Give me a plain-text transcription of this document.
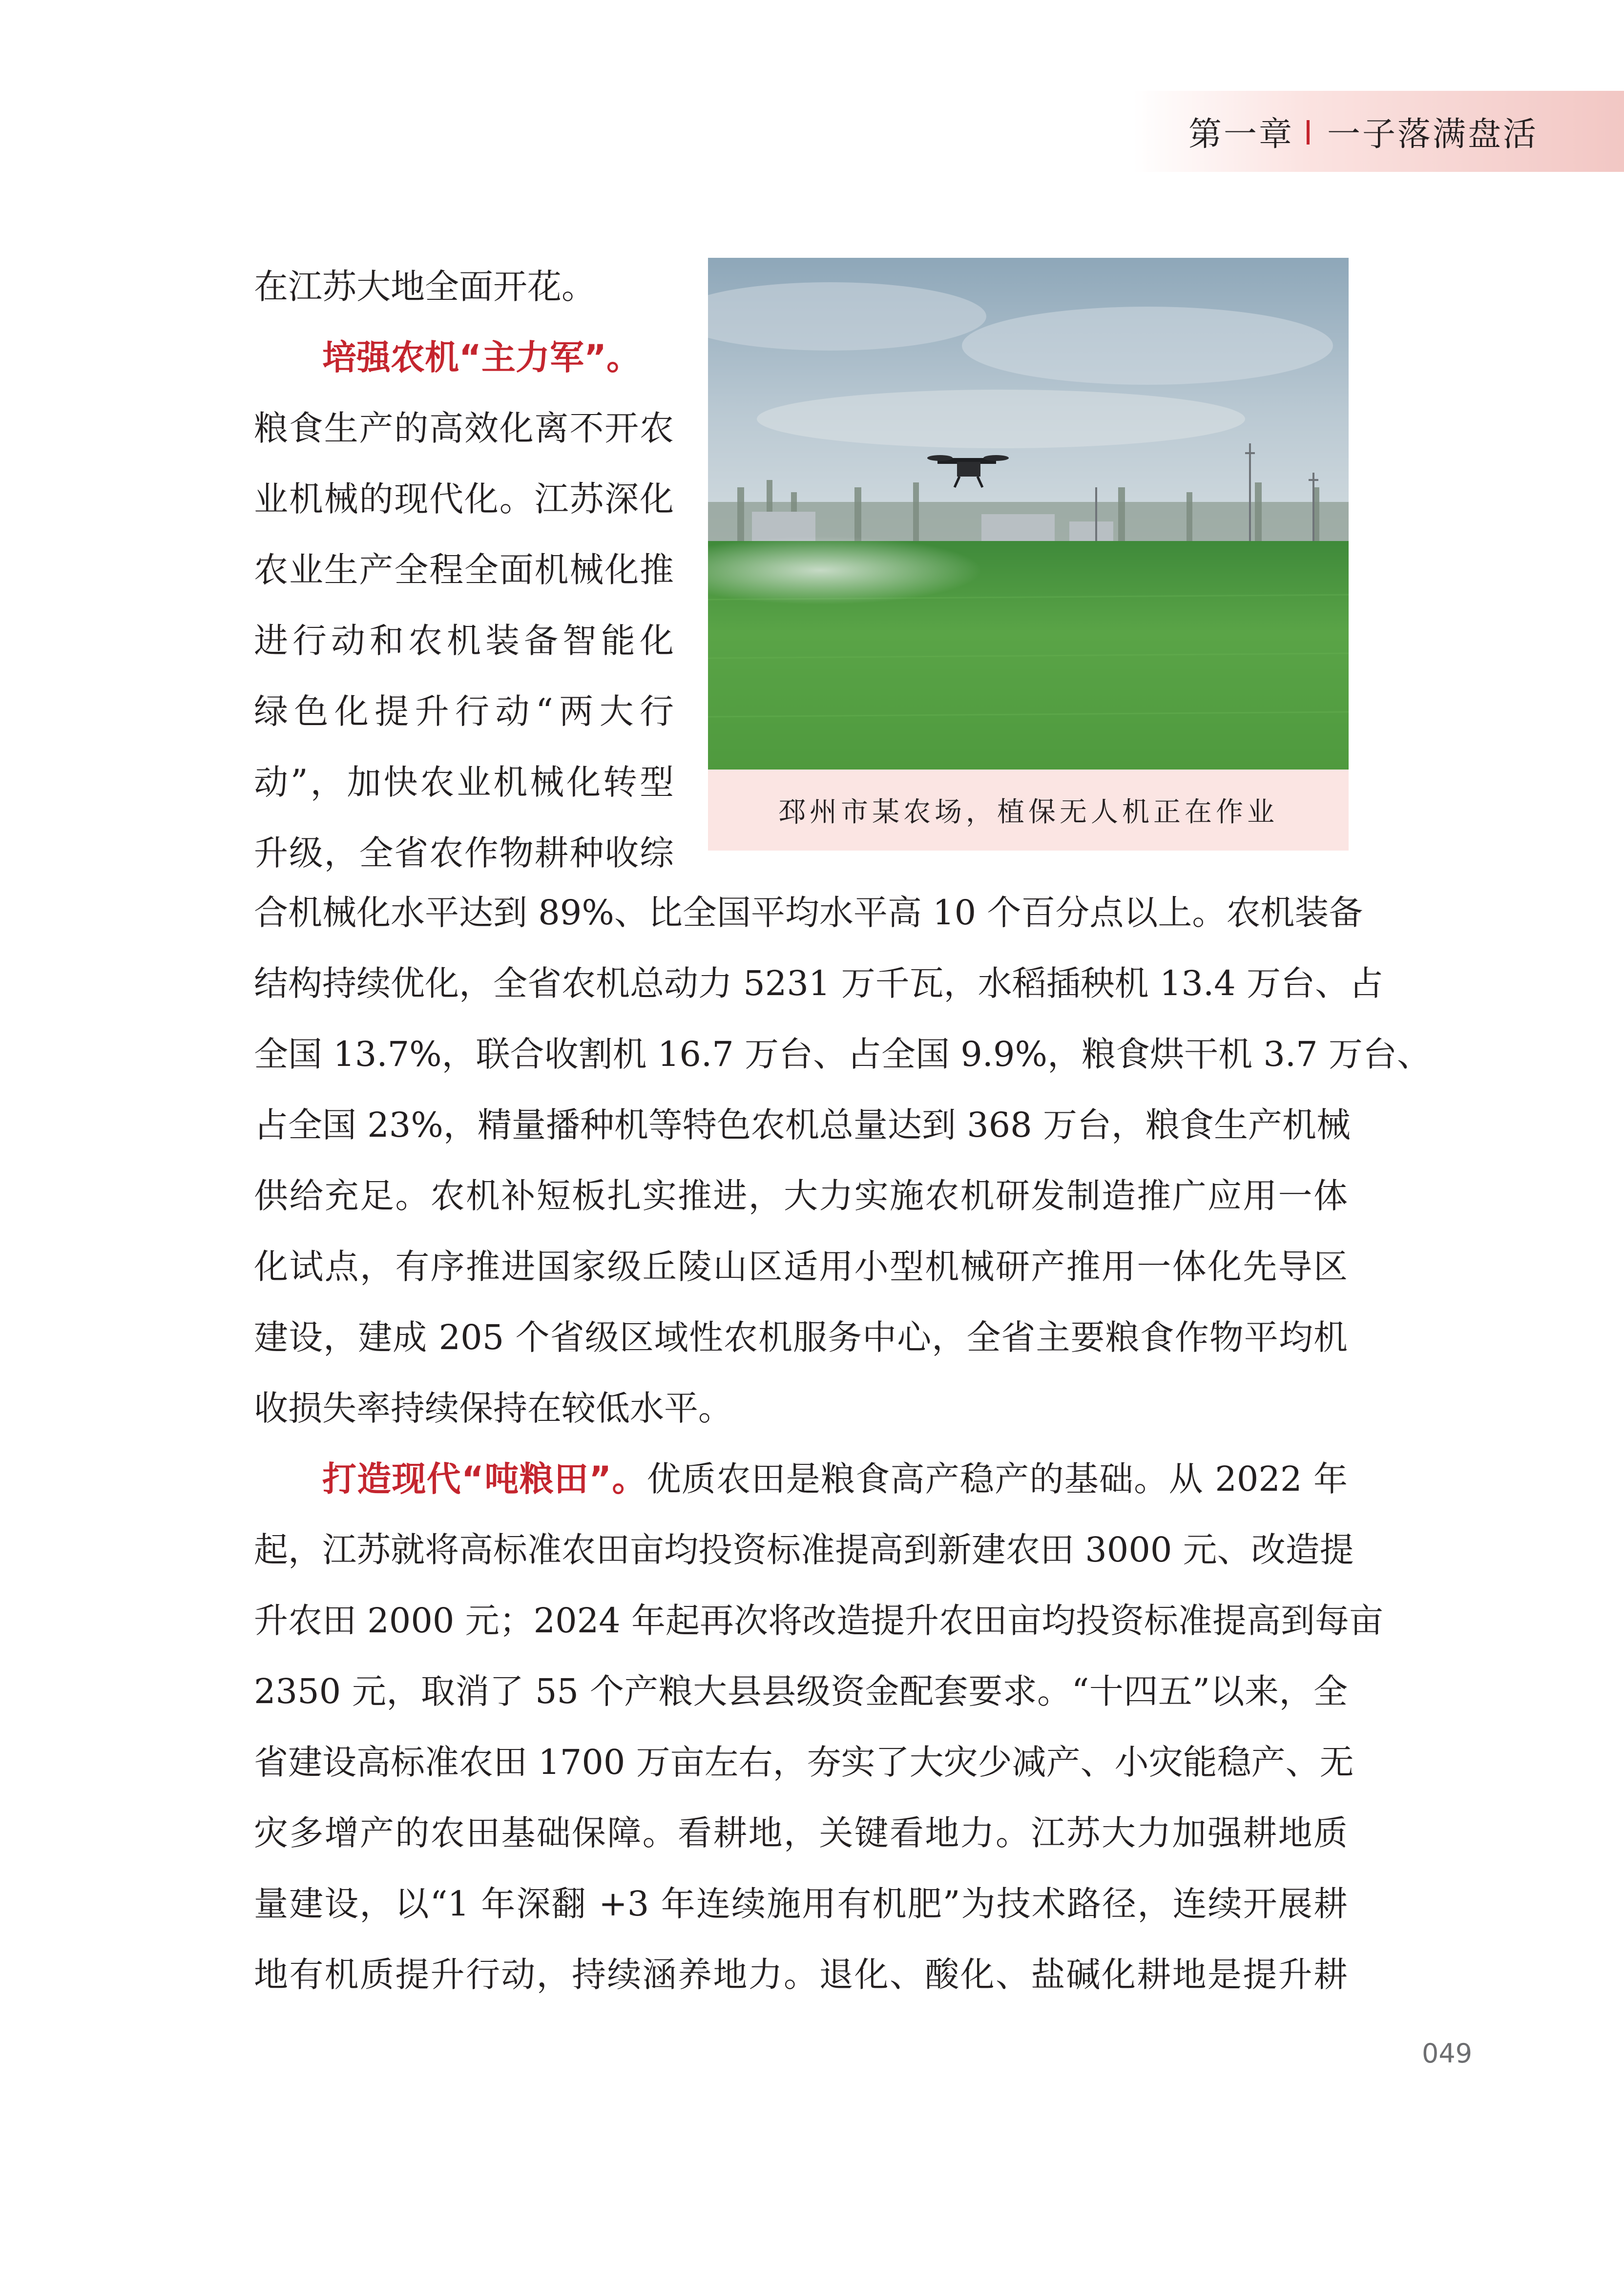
第一章 一子落满盘活

在江苏大地全面开花。

培强农机“主力军”。

粮食生产的高效化离不开农

业机械的现代化。江苏深化

农业生产全程全面机械化推

进行动和农机装备智能化

绿色化提升行动“两大行

动”，加快农业机械化转型

升级，全省农作物耕种收综

邳州市某农场，植保无人机正在作业

合机械化水平达到 89%、比全国平均水平高 10 个百分点以上。农机装备

结构持续优化，全省农机总动力 5231 万千瓦，水稻插秧机 13.4 万台、占

全国 13.7%，联合收割机 16.7 万台、占全国 9.9%，粮食烘干机 3.7 万台、

占全国 23%，精量播种机等特色农机总量达到 368 万台，粮食生产机械

供给充足。农机补短板扎实推进，大力实施农机研发制造推广应用一体

化试点，有序推进国家级丘陵山区适用小型机械研产推用一体化先导区

建设，建成 205 个省级区域性农机服务中心，全省主要粮食作物平均机

收损失率持续保持在较低水平。

打造现代“吨粮田”。优质农田是粮食高产稳产的基础。从 2022 年

起，江苏就将高标准农田亩均投资标准提高到新建农田 3000 元、改造提

升农田 2000 元；2024 年起再次将改造提升农田亩均投资标准提高到每亩

2350 元，取消了 55 个产粮大县县级资金配套要求。“十四五”以来，全

省建设高标准农田 1700 万亩左右，夯实了大灾少减产、小灾能稳产、无

灾多增产的农田基础保障。看耕地，关键看地力。江苏大力加强耕地质

量建设，以“1 年深翻 +3 年连续施用有机肥”为技术路径，连续开展耕

地有机质提升行动，持续涵养地力。退化、酸化、盐碱化耕地是提升耕

049
